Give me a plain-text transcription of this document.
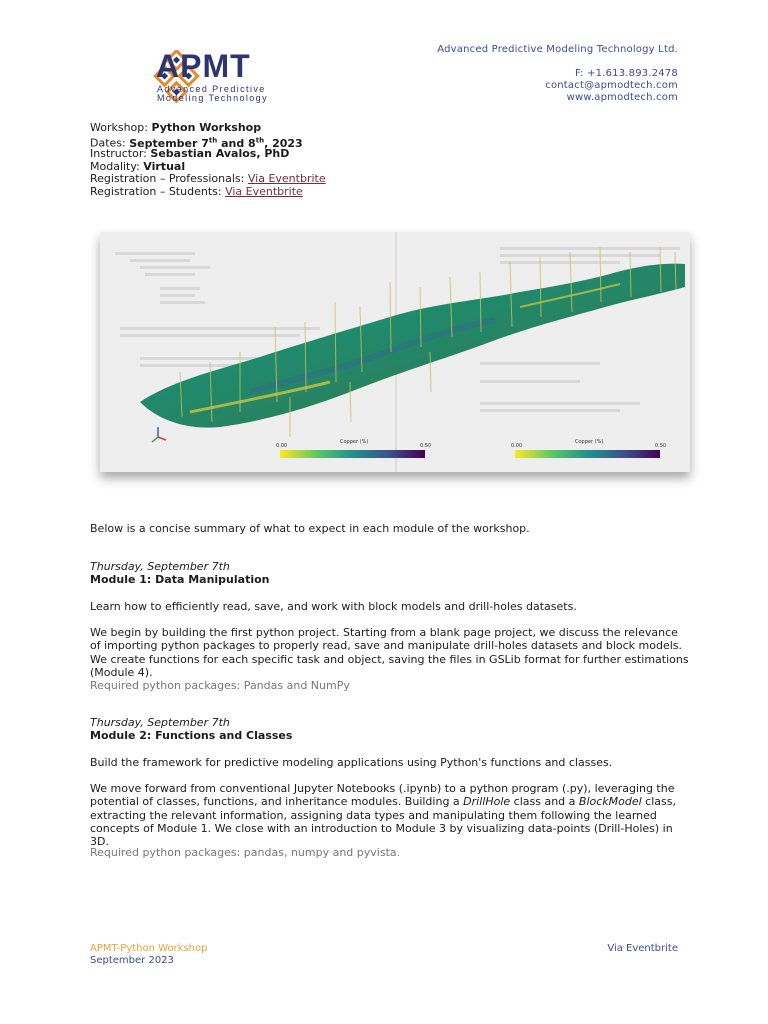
APMT
Advanced Predictive
Modeling Technology
Advanced Predictive Modeling Technology Ltd.
F: +1.613.893.2478
contact@apmodtech.com
www.apmodtech.com
Workshop: Python Workshop
Dates: September 7th and 8th, 2023
Instructor: Sebastian Avalos, PhD
Modality: Virtual
Registration – Professionals: Via Eventbrite
Registration – Students: Via Eventbrite
Copper (%)
0.00	0.50
Copper (%)
0.00	0.50
Below is a concise summary of what to expect in each module of the workshop.
Thursday, September 7th
Module 1: Data Manipulation
Learn how to efficiently read, save, and work with block models and drill-holes datasets.
We begin by building the first python project. Starting from a blank page project, we discuss the relevance of importing python packages to properly read, save and manipulate drill-holes datasets and block models. We create functions for each specific task and object, saving the files in GSLib format for further estimations (Module 4).
Required python packages: Pandas and NumPy
Thursday, September 7th
Module 2: Functions and Classes
Build the framework for predictive modeling applications using Python's functions and classes.
We move forward from conventional Jupyter Notebooks (.ipynb) to a python program (.py), leveraging the potential of classes, functions, and inheritance modules. Building a DrillHole class and a BlockModel class, extracting the relevant information, assigning data types and manipulating them following the learned concepts of Module 1. We close with an introduction to Module 3 by visualizing data-points (Drill-Holes) in 3D.
Required python packages: pandas, numpy and pyvista.
APMT-Python Workshop
September 2023
Via Eventbrite
